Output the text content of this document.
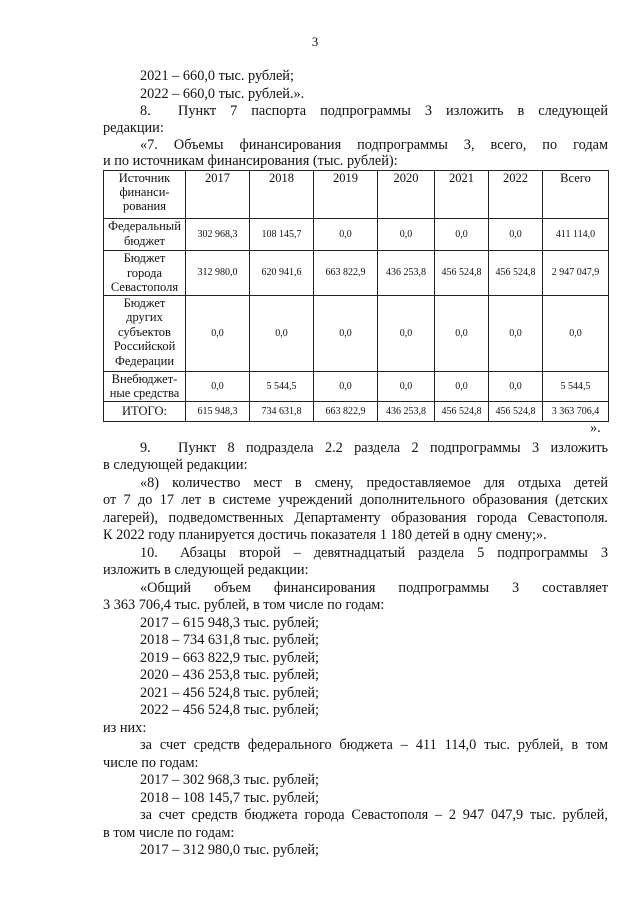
3
2021 – 660,0 тыс. рублей;
2022 – 660,0 тыс. рублей.».
8. Пункт 7 паспорта подпрограммы 3 изложить в следующей
редакции:
«7. Объемы финансирования подпрограммы 3, всего, по годам
и по источникам финансирования (тыс. рублей):
Источник финанси-рования	2017	2018	2019	2020	2021	2022	Всего
Федеральный бюджет	302 968,3	108 145,7	0,0	0,0	0,0	0,0	411 114,0
Бюджет города Севастополя	312 980,0	620 941,6	663 822,9	436 253,8	456 524,8	456 524,8	2 947 047,9
Бюджет других субъектов Российской Федерации	0,0	0,0	0,0	0,0	0,0	0,0	0,0
Внебюджет-ные средства	0,0	5 544,5	0,0	0,0	0,0	0,0	5 544,5
ИТОГО:	615 948,3	734 631,8	663 822,9	436 253,8	456 524,8	456 524,8	3 363 706,4
».
9. Пункт 8 подраздела 2.2 раздела 2 подпрограммы 3 изложить
в следующей редакции:
«8) количество мест в смену, предоставляемое для отдыха детей
от 7 до 17 лет в системе учреждений дополнительного образования (детских
лагерей), подведомственных Департаменту образования города Севастополя.
К 2022 году планируется достичь показателя 1 180 детей в одну смену;».
10. Абзацы второй – девятнадцатый раздела 5 подпрограммы 3
изложить в следующей редакции:
«Общий объем финансирования подпрограммы 3 составляет
3 363 706,4 тыс. рублей, в том числе по годам:
2017 – 615 948,3 тыс. рублей;
2018 – 734 631,8 тыс. рублей;
2019 – 663 822,9 тыс. рублей;
2020 – 436 253,8 тыс. рублей;
2021 – 456 524,8 тыс. рублей;
2022 – 456 524,8 тыс. рублей;
из них:
за счет средств федерального бюджета – 411 114,0 тыс. рублей, в том
числе по годам:
2017 – 302 968,3 тыс. рублей;
2018 – 108 145,7 тыс. рублей;
за счет средств бюджета города Севастополя – 2 947 047,9 тыс. рублей,
в том числе по годам:
2017 – 312 980,0 тыс. рублей;
